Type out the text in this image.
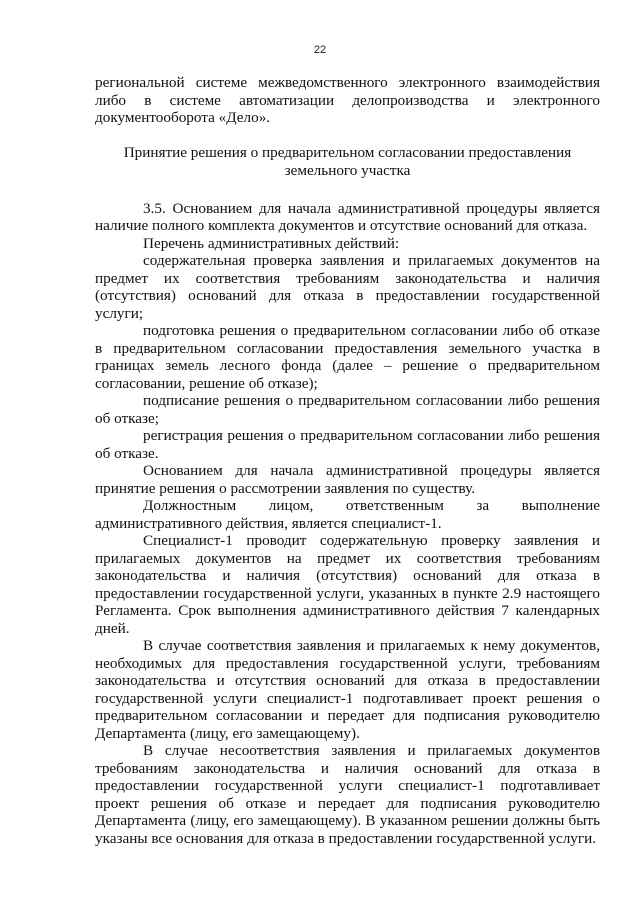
22

региональной системе межведомственного электронного взаимодействия либо в системе автоматизации делопроизводства и электронного документооборота «Дело».

Принятие решения о предварительном согласовании предоставления земельного участка

3.5. Основанием для начала административной процедуры является наличие полного комплекта документов и отсутствие оснований для отказа.

Перечень административных действий:

содержательная проверка заявления и прилагаемых документов на предмет их соответствия требованиям законодательства и наличия (отсутствия) оснований для отказа в предоставлении государственной услуги;

подготовка решения о предварительном согласовании либо об отказе в предварительном согласовании предоставления земельного участка в границах земель лесного фонда (далее – решение о предварительном согласовании, решение об отказе);

подписание решения о предварительном согласовании либо решения об отказе;

регистрация решения о предварительном согласовании либо решения об отказе.

Основанием для начала административной процедуры является принятие решения о рассмотрении заявления по существу.

Должностным лицом, ответственным за выполнение административного действия, является специалист-1.

Специалист-1 проводит содержательную проверку заявления и прилагаемых документов на предмет их соответствия требованиям законодательства и наличия (отсутствия) оснований для отказа в предоставлении государственной услуги, указанных в пункте 2.9 настоящего Регламента. Срок выполнения административного действия 7 календарных дней.

В случае соответствия заявления и прилагаемых к нему документов, необходимых для предоставления государственной услуги, требованиям законодательства и отсутствия оснований для отказа в предоставлении государственной услуги специалист-1 подготавливает проект решения о предварительном согласовании и передает для подписания руководителю Департамента (лицу, его замещающему).

В случае несоответствия заявления и прилагаемых документов требованиям законодательства и наличия оснований для отказа в предоставлении государственной услуги специалист-1 подготавливает проект решения об отказе и передает для подписания руководителю Департамента (лицу, его замещающему). В указанном решении должны быть указаны все основания для отказа в предоставлении государственной услуги.
